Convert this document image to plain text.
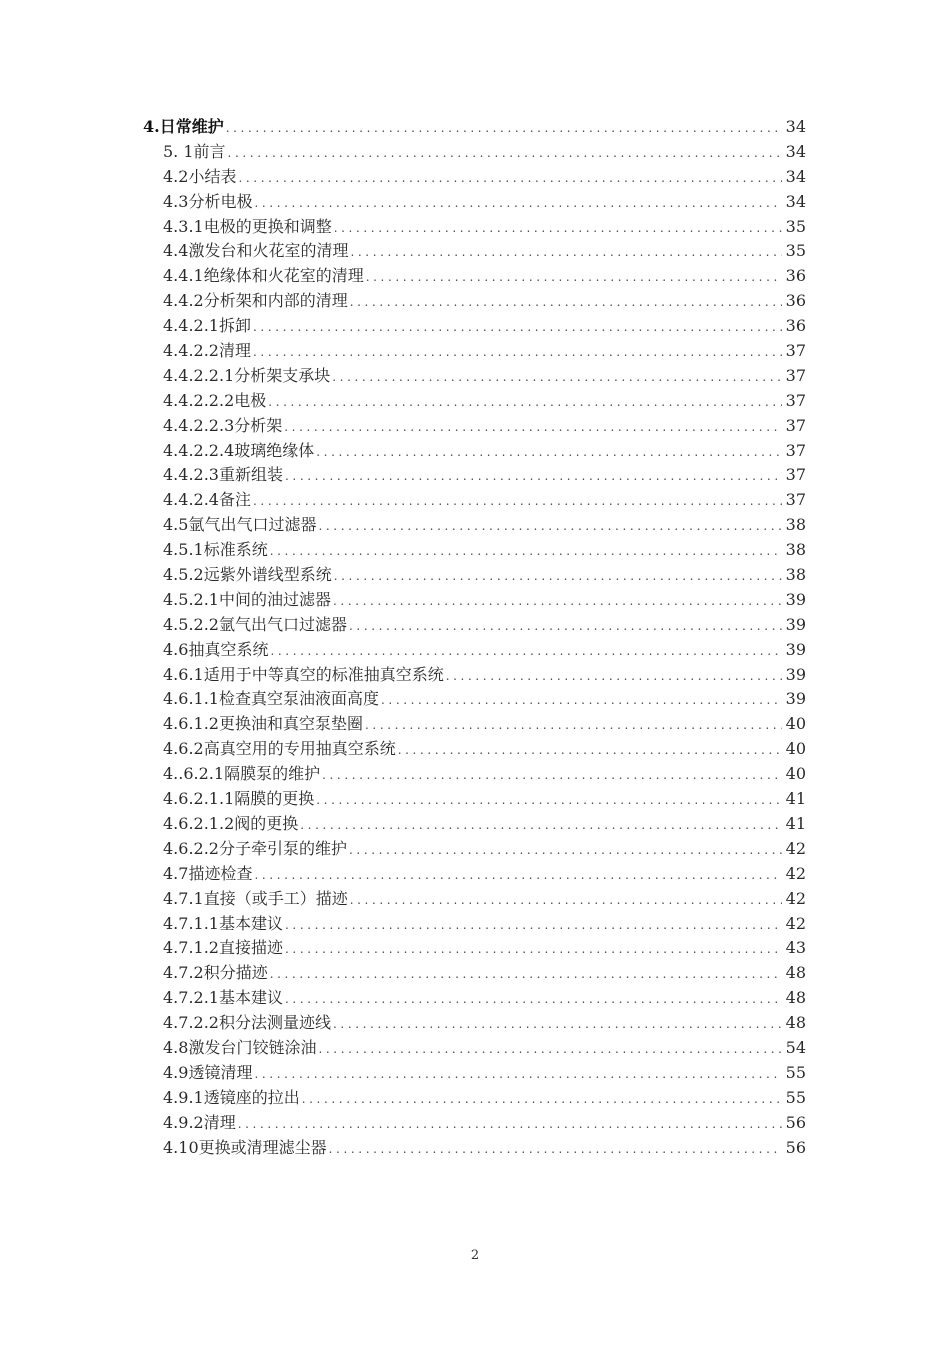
4.日常维护 .....	34
5. 1前言 .....	34
4.2小结表 .....	34
4.3分析电极 .....	34
4.3.1电极的更换和调整 .....	35
4.4激发台和火花室的清理 .....	35
4.4.1绝缘体和火花室的清理 .....	36
4.4.2分析架和内部的清理 .....	36
4.4.2.1拆卸 .....	36
4.4.2.2清理 .....	37
4.4.2.2.1分析架支承块 .....	37
4.4.2.2.2电极 .....	37
4.4.2.2.3分析架 .....	37
4.4.2.2.4玻璃绝缘体 .....	37
4.4.2.3重新组装 .....	37
4.4.2.4备注 .....	37
4.5氩气出气口过滤器 .....	38
4.5.1标准系统 .....	38
4.5.2远紫外谱线型系统 .....	38
4.5.2.1中间的油过滤器 .....	39
4.5.2.2氩气出气口过滤器 .....	39
4.6抽真空系统 .....	39
4.6.1适用于中等真空的标准抽真空系统 .....	39
4.6.1.1检查真空泵油液面高度 .....	39
4.6.1.2更换油和真空泵垫圈 .....	40
4.6.2高真空用的专用抽真空系统 .....	40
4..6.2.1隔膜泵的维护 .....	40
4.6.2.1.1隔膜的更换 .....	41
4.6.2.1.2阀的更换 .....	41
4.6.2.2分子牵引泵的维护 .....	42
4.7描迹检查 .....	42
4.7.1直接（或手工）描迹 .....	42
4.7.1.1基本建议 .....	42
4.7.1.2直接描迹 .....	43
4.7.2积分描迹 .....	48
4.7.2.1基本建议 .....	48
4.7.2.2积分法测量迹线 .....	48
4.8激发台门铰链涂油 .....	54
4.9透镜清理 .....	55
4.9.1透镜座的拉出 .....	55
4.9.2清理 .....	56
4.10更换或清理滤尘器 .....	56
2
